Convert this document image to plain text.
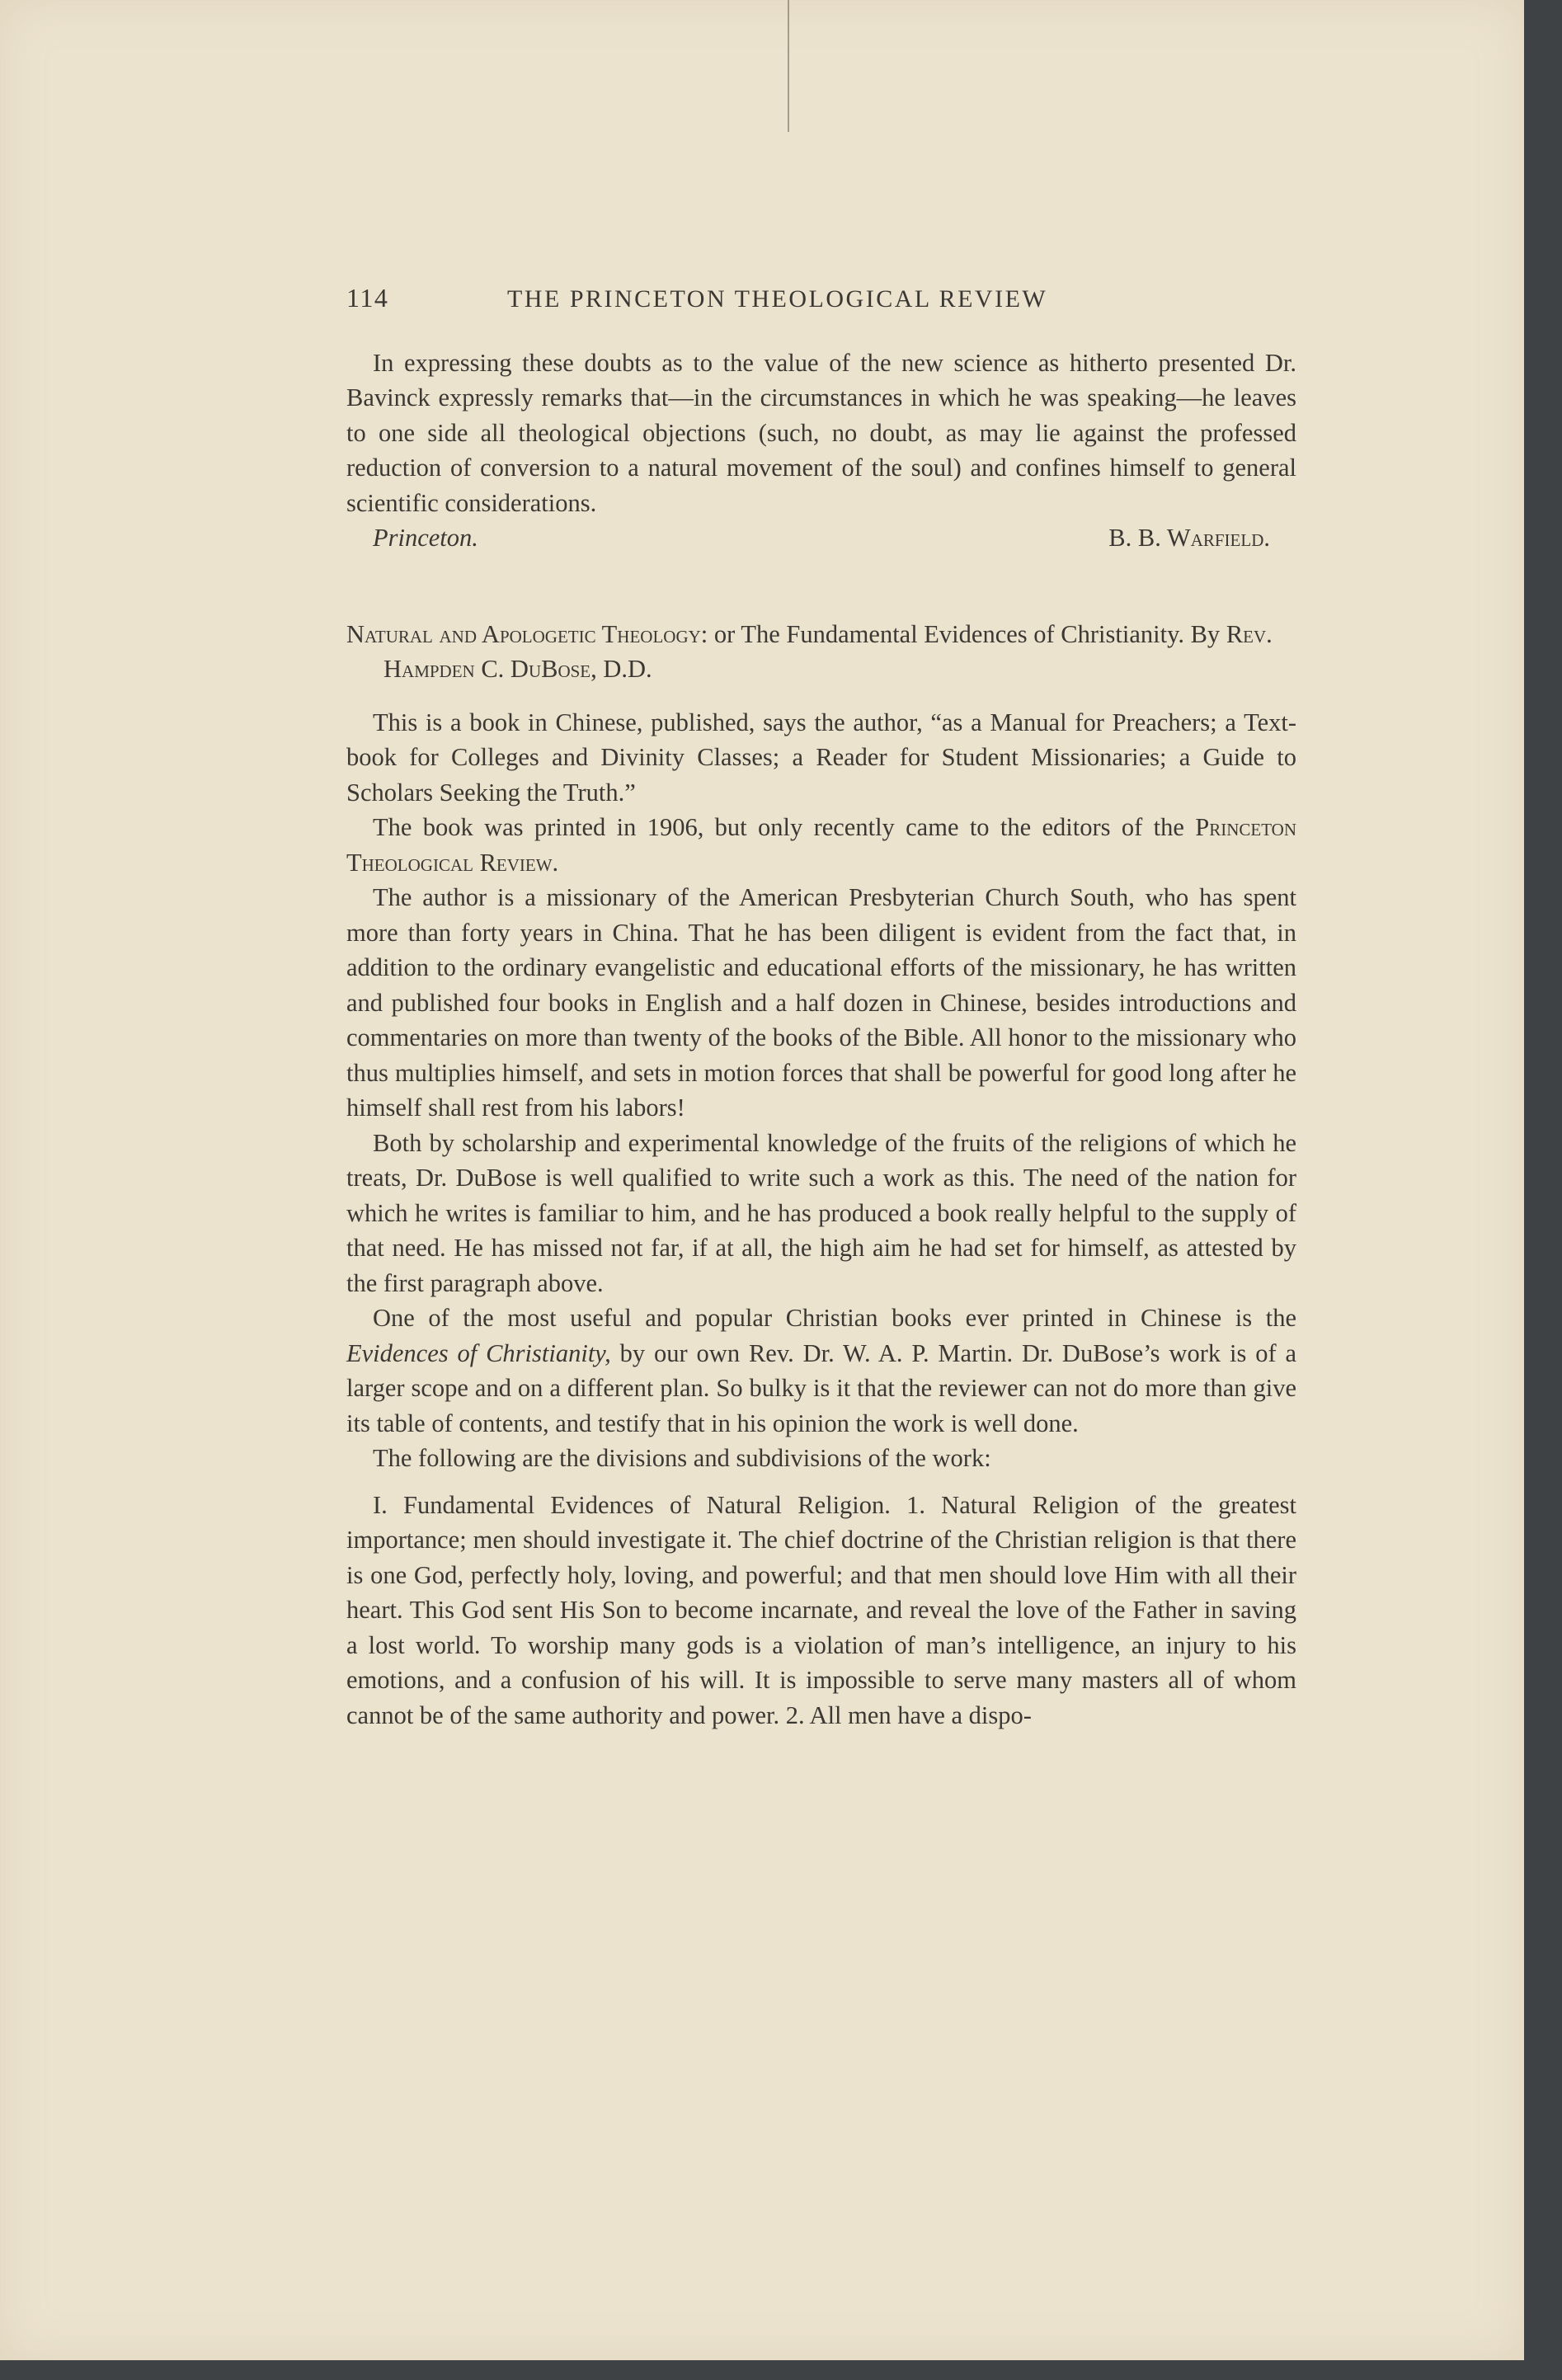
114	THE PRINCETON THEOLOGICAL REVIEW

In expressing these doubts as to the value of the new science as hitherto presented Dr. Bavinck expressly remarks that—in the circumstances in which he was speaking—he leaves to one side all theological objections (such, no doubt, as may lie against the professed reduction of conversion to a natural movement of the soul) and confines himself to general scientific considerations.

Princeton.	B. B. Warfield.

Natural and Apologetic Theology: or The Fundamental Evidences of Christianity. By Rev. Hampden C. DuBose, D.D.

This is a book in Chinese, published, says the author, “as a Manual for Preachers; a Text-book for Colleges and Divinity Classes; a Reader for Student Missionaries; a Guide to Scholars Seeking the Truth.”

The book was printed in 1906, but only recently came to the editors of the Princeton Theological Review.

The author is a missionary of the American Presbyterian Church South, who has spent more than forty years in China. That he has been diligent is evident from the fact that, in addition to the ordinary evangelistic and educational efforts of the missionary, he has written and published four books in English and a half dozen in Chinese, besides introductions and commentaries on more than twenty of the books of the Bible. All honor to the missionary who thus multiplies himself, and sets in motion forces that shall be powerful for good long after he himself shall rest from his labors!

Both by scholarship and experimental knowledge of the fruits of the religions of which he treats, Dr. DuBose is well qualified to write such a work as this. The need of the nation for which he writes is familiar to him, and he has produced a book really helpful to the supply of that need. He has missed not far, if at all, the high aim he had set for himself, as attested by the first paragraph above.

One of the most useful and popular Christian books ever printed in Chinese is the Evidences of Christianity, by our own Rev. Dr. W. A. P. Martin. Dr. DuBose’s work is of a larger scope and on a different plan. So bulky is it that the reviewer can not do more than give its table of contents, and testify that in his opinion the work is well done.

The following are the divisions and subdivisions of the work:

I. Fundamental Evidences of Natural Religion. 1. Natural Religion of the greatest importance; men should investigate it. The chief doctrine of the Christian religion is that there is one God, perfectly holy, loving, and powerful; and that men should love Him with all their heart. This God sent His Son to become incarnate, and reveal the love of the Father in saving a lost world. To worship many gods is a violation of man’s intelligence, an injury to his emotions, and a confusion of his will. It is impossible to serve many masters all of whom cannot be of the same authority and power. 2. All men have a dispo-
